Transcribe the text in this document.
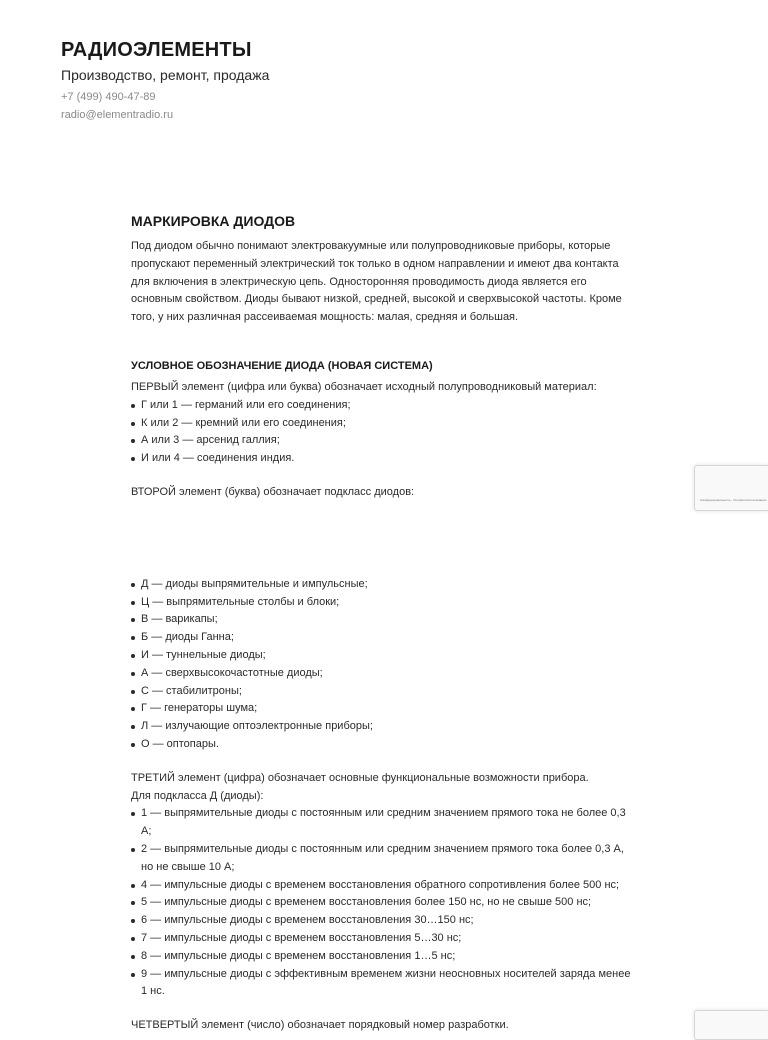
РАДИОЭЛЕМЕНТЫ

Производство, ремонт, продажа

+7 (499) 490-47-89
radio@elementradio.ru
МАРКИРОВКА ДИОДОВ

Под диодом обычно понимают электровакуумные или полупроводниковые приборы, которые пропускают переменный электрический ток только в одном направлении и имеют два контакта для включения в электрическую цепь. Односторонняя проводимость диода является его основным свойством. Диоды бывают низкой, средней, высокой и сверхвысокой частоты. Кроме того, у них различная рассеиваемая мощность: малая, средняя и большая.

УСЛОВНОЕ ОБОЗНАЧЕНИЕ ДИОДА (НОВАЯ СИСТЕМА)

ПЕРВЫЙ элемент (цифра или буква) обозначает исходный полупроводниковый материал:

Г или 1 — германий или его соединения;
К или 2 — кремний или его соединения;
А или 3 — арсенид галлия;
И или 4 — соединения индия.

ВТОРОЙ элемент (буква) обозначает подкласс диодов:

Д — диоды выпрямительные и импульсные;
Ц — выпрямительные столбы и блоки;
В — варикапы;
Б — диоды Ганна;
И — туннельные диоды;
А — сверхвысокочастотные диоды;
С — стабилитроны;
Г — генераторы шума;
Л — излучающие оптоэлектронные приборы;
О — оптопары.

ТРЕТИЙ элемент (цифра) обозначает основные функциональные возможности прибора.

Для подкласса Д (диоды):

1 — выпрямительные диоды с постоянным или средним значением прямого тока не более 0,3 А;
2 — выпрямительные диоды с постоянным или средним значением прямого тока более 0,3 А, но не свыше 10 А;
4 — импульсные диоды с временем восстановления обратного сопротивления более 500 нс;
5 — импульсные диоды с временем восстановления более 150 нс, но не свыше 500 нс;
6 — импульсные диоды с временем восстановления 30…150 нс;
7 — импульсные диоды с временем восстановления 5…30 нс;
8 — импульсные диоды с временем восстановления 1…5 нс;
9 — импульсные диоды с эффективным временем жизни неосновных носителей заряда менее 1 нс.

ЧЕТВЕРТЫЙ элемент (число) обозначает порядковый номер разработки.

Конфиденциальность - Условия использования
